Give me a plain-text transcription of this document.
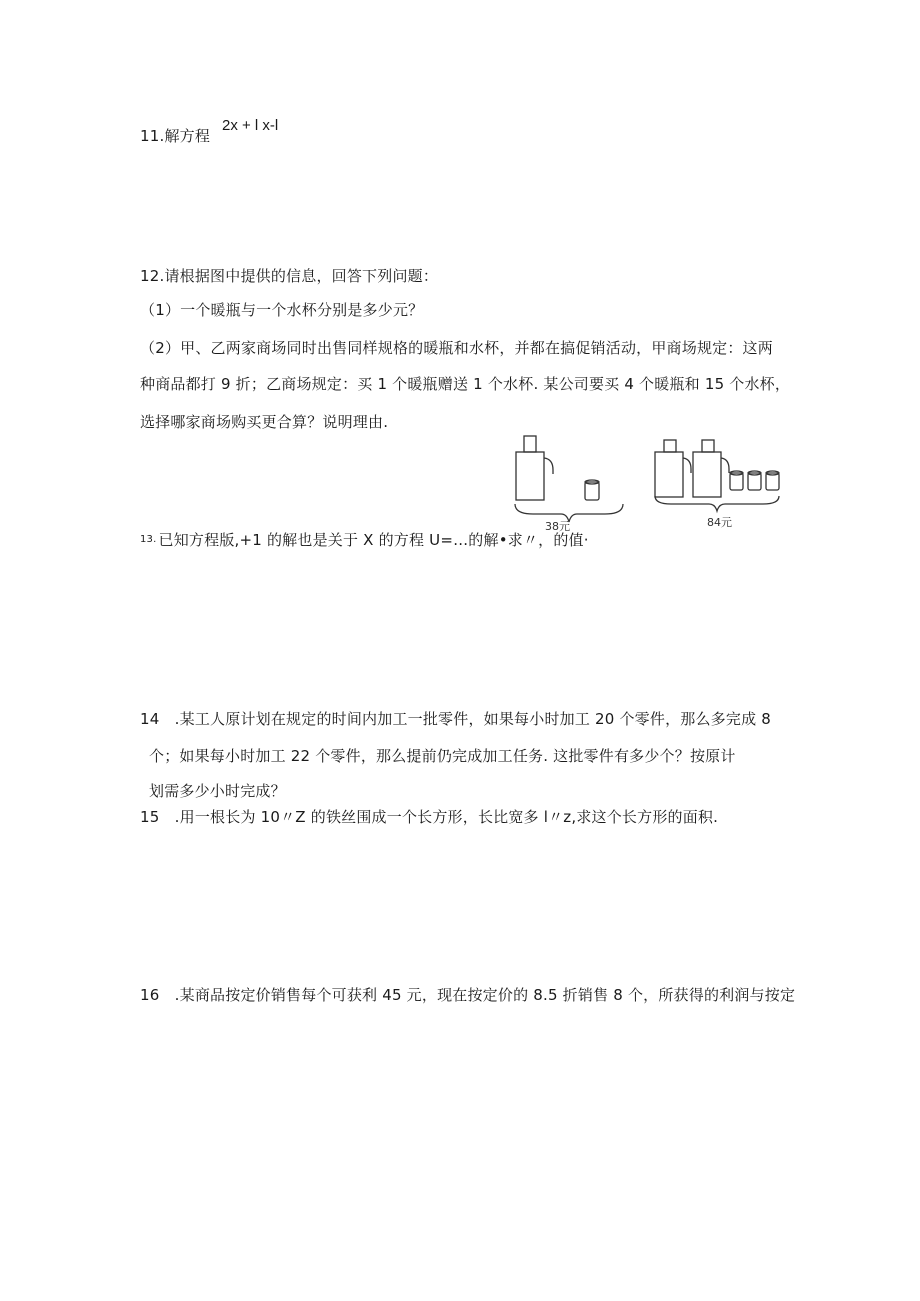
11.解方程
2x + l x-l
12.请根据图中提供的信息，回答下列问题：
（1）一个暖瓶与一个水杯分别是多少元？
（2）甲、乙两家商场同时出售同样规格的暖瓶和水杯，并都在搞促销活动，甲商场规定：这两
种商品都打 9 折；乙商场规定：买 1 个暖瓶赠送 1 个水杯. 某公司要买 4 个暖瓶和 15 个水杯，
选择哪家商场购买更合算？说明理由.
38元	84元
$^{13.}$ 已知方程版,+1 的解也是关于 X 的方程 U=…的解•求〃，的值·
14　.某工人原计划在规定的时间内加工一批零件，如果每小时加工 20 个零件，那么多完成 8
个；如果每小时加工 22 个零件，那么提前仍完成加工任务. 这批零件有多少个？按原计
划需多少小时完成？
15　.用一根长为 10〃Z 的铁丝围成一个长方形，长比宽多 l〃z,求这个长方形的面积.
16　.某商品按定价销售每个可获利 45 元，现在按定价的 8.5 折销售 8 个，所获得的利润与按定
